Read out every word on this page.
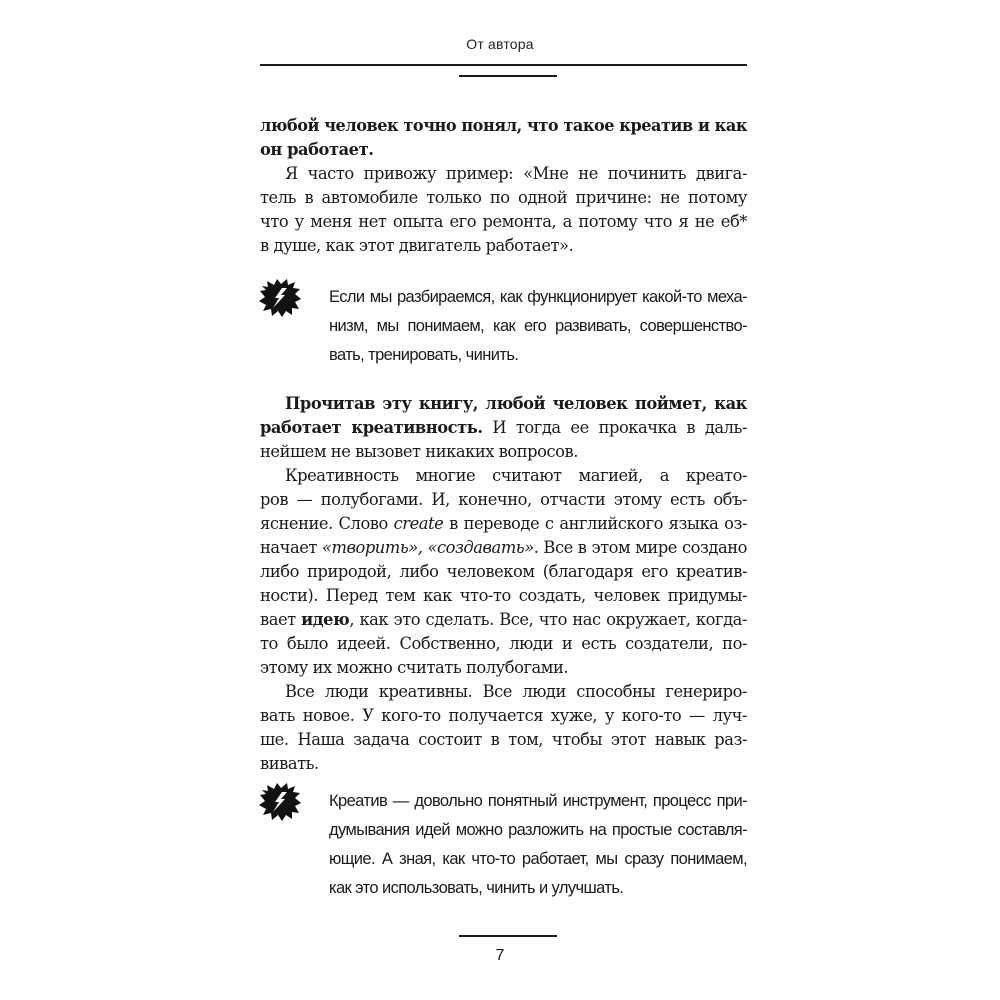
От автора
любой человек точно понял, что такое креатив и как
он работает.
Я часто привожу пример: «Мне не починить двига-
тель в автомобиле только по одной причине: не потому
что у меня нет опыта его ремонта, а потому что я не еб*
в душе, как этот двигатель работает».
Если мы разбираемся, как функционирует какой-то меха-
низм, мы понимаем, как его развивать, совершенство-
вать, тренировать, чинить.
Прочитав эту книгу, любой человек поймет, как
работает креативность. И тогда ее прокачка в даль-
нейшем не вызовет никаких вопросов.
Креативность многие считают магией, а креато-
ров — полубогами. И, конечно, отчасти этому есть объ-
яснение. Слово create в переводе с английского языка оз-
начает «творить», «создавать». Все в этом мире создано
либо природой, либо человеком (благодаря его креатив-
ности). Перед тем как что-то создать, человек придумы-
вает идею, как это сделать. Все, что нас окружает, когда-
то было идеей. Собственно, люди и есть создатели, по-
этому их можно считать полубогами.
Все люди креативны. Все люди способны генериро-
вать новое. У кого-то получается хуже, у кого-то — луч-
ше. Наша задача состоит в том, чтобы этот навык раз-
вивать.
Креатив — довольно понятный инструмент, процесс при-
думывания идей можно разложить на простые составля-
ющие. А зная, как что-то работает, мы сразу понимаем,
как это использовать, чинить и улучшать.
7
